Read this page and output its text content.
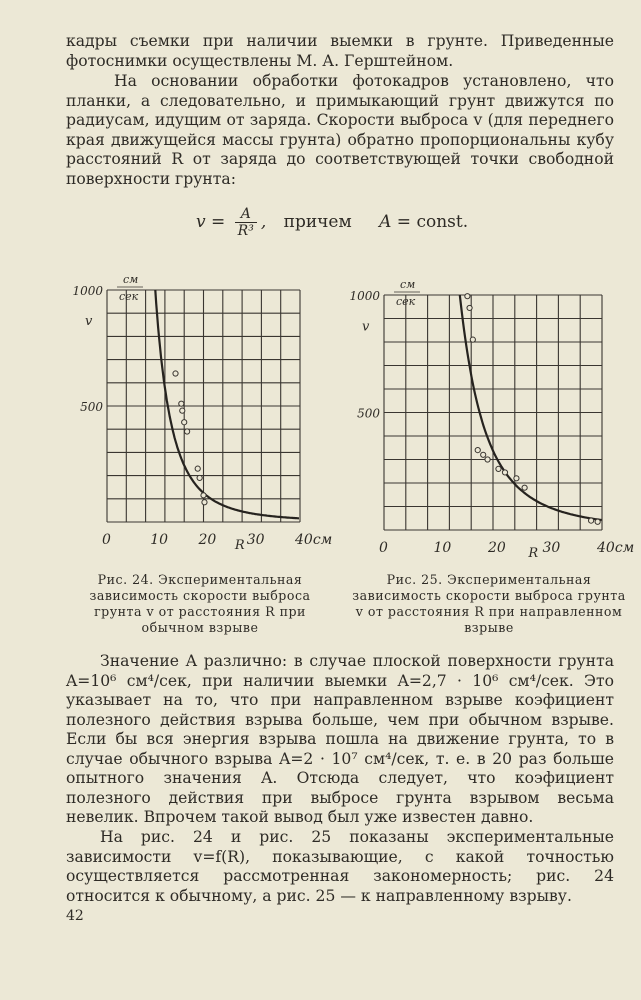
кадры съемки при наличии выемки в грунте. Приведенные фотоснимки осуществлены М. А. Герштейном.

На основании обработки фотокадров установлено, что планки, а следовательно, и примыкающий грунт движутся по радиусам, идущим от заряда. Скорости выброса v (для переднего края движущейся массы грунта) обратно пропорциональны кубу расстояний R от заряда до соответствующей точки свободной поверхности грунта:

$v = \frac{A}{\text{R³}}$ , причем A = const.
0	10 20 30 40см
500
1000
v
см
сек
R	0	10	20	30	40см
500
1000
v
см
сек
R
Рис. 24. Экспериментальная зависимость скорости выброса грунта v от расстояния R при обычном взрыве
Рис. 25. Экспериментальная зависимость скорости выброса грунта v от расстояния R при направленном взрыве

Значение A различно: в случае плоской поверхности грунта A=10⁶ см⁴/сек, при наличии выемки A=2,7 · 10⁶ см⁴/сек. Это указывает на то, что при направленном взрыве коэфициент полезного действия взрыва больше, чем при обычном взрыве. Если бы вся энергия взрыва пошла на движение грунта, то в случае обычного взрыва A=2 · 10⁷ см⁴/сек, т. е. в 20 раз больше опытного значения A. Отсюда следует, что коэфициент полезного действия при выбросе грунта взрывом весьма невелик. Впрочем такой вывод был уже известен давно.

На рис. 24 и рис. 25 показаны экспериментальные зависимости v=f(R), показывающие, с какой точностью осуществляется рассмотренная закономерность; рис. 24 относится к обычному, а рис. 25 — к направленному взрыву.

42
